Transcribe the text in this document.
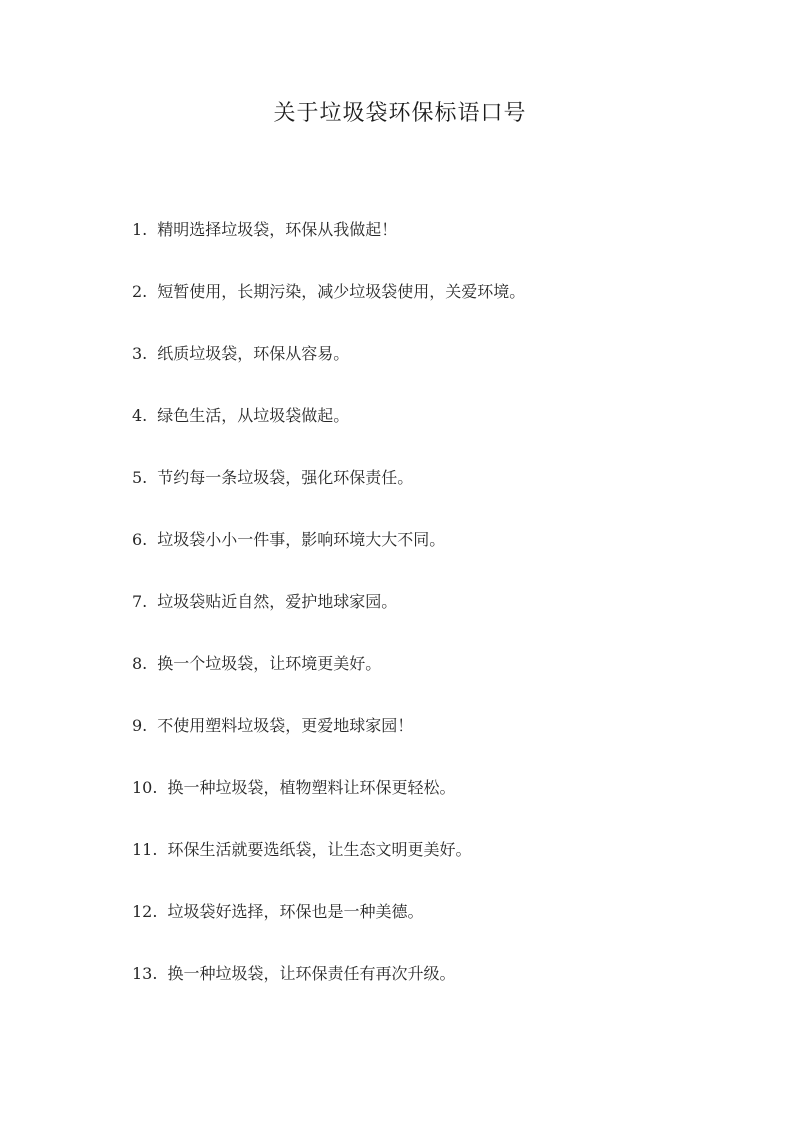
关于垃圾袋环保标语口号
1. 精明选择垃圾袋，环保从我做起！
2. 短暂使用，长期污染，减少垃圾袋使用，关爱环境。
3. 纸质垃圾袋，环保从容易。
4. 绿色生活，从垃圾袋做起。
5. 节约每一条垃圾袋，强化环保责任。
6. 垃圾袋小小一件事，影响环境大大不同。
7. 垃圾袋贴近自然，爱护地球家园。
8. 换一个垃圾袋，让环境更美好。
9. 不使用塑料垃圾袋，更爱地球家园！
10. 换一种垃圾袋，植物塑料让环保更轻松。
11. 环保生活就要选纸袋，让生态文明更美好。
12. 垃圾袋好选择，环保也是一种美德。
13. 换一种垃圾袋，让环保责任有再次升级。
